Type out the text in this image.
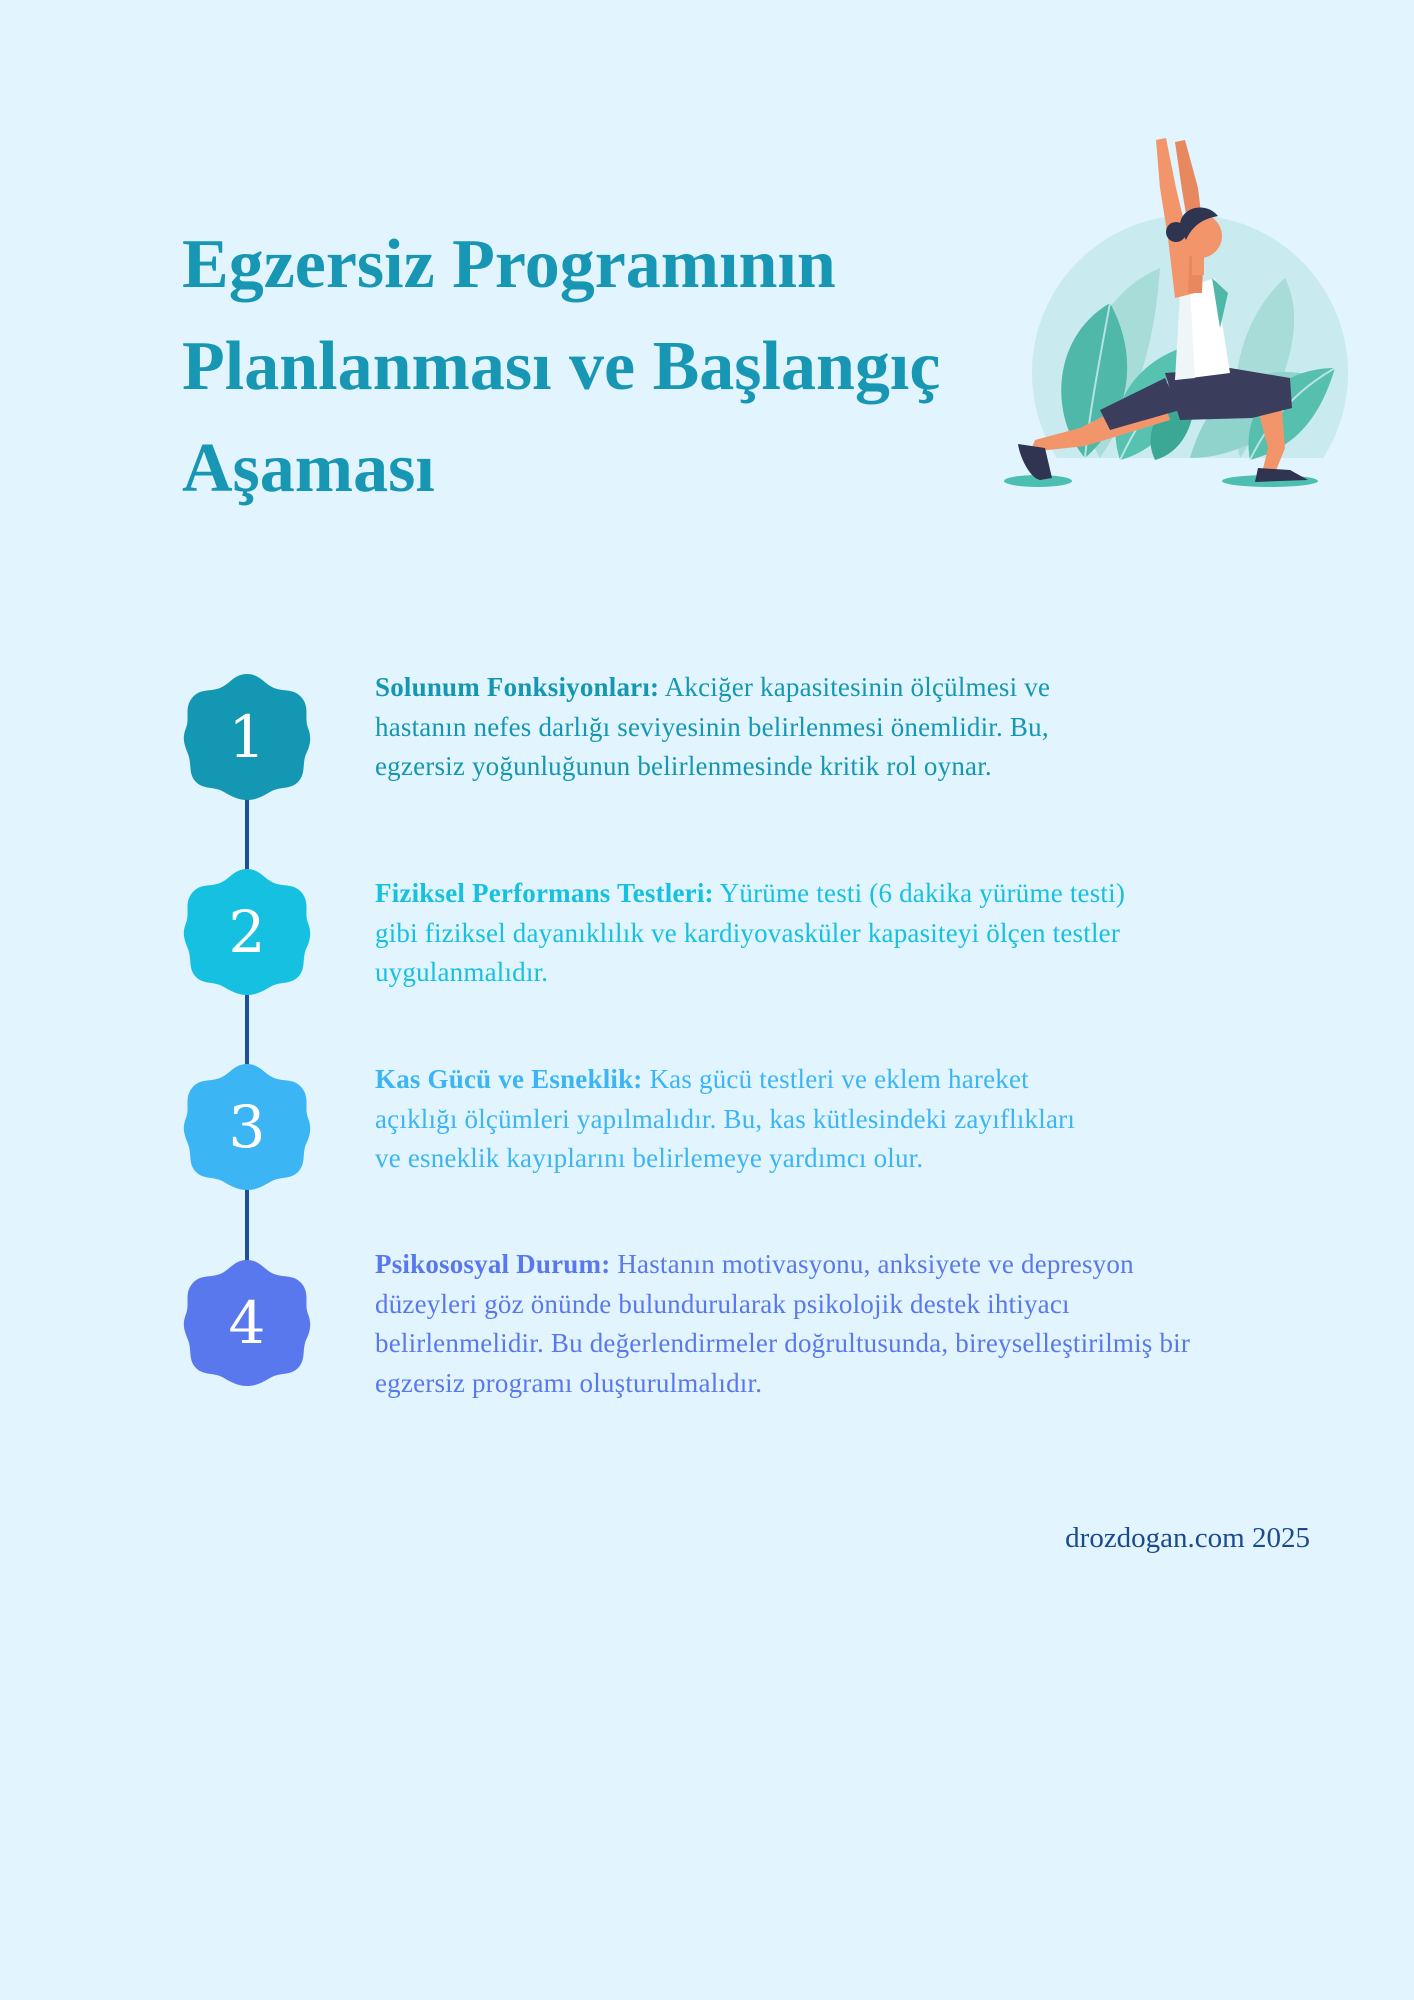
Egzersiz Programının
Planlanması ve Başlangıç
Aşaması
1
2
3
4
Solunum Fonksiyonları: Akciğer kapasitesinin ölçülmesi ve
hastanın nefes darlığı seviyesinin belirlenmesi önemlidir. Bu,
egzersiz yoğunluğunun belirlenmesinde kritik rol oynar.
Fiziksel Performans Testleri: Yürüme testi (6 dakika yürüme testi)
gibi fiziksel dayanıklılık ve kardiyovasküler kapasiteyi ölçen testler
uygulanmalıdır.
Kas Gücü ve Esneklik: Kas gücü testleri ve eklem hareket
açıklığı ölçümleri yapılmalıdır. Bu, kas kütlesindeki zayıflıkları
ve esneklik kayıplarını belirlemeye yardımcı olur.
Psikososyal Durum: Hastanın motivasyonu, anksiyete ve depresyon
düzeyleri göz önünde bulundurularak psikolojik destek ihtiyacı
belirlenmelidir. Bu değerlendirmeler doğrultusunda, bireyselleştirilmiş bir
egzersiz programı oluşturulmalıdır.
drozdogan.com 2025
